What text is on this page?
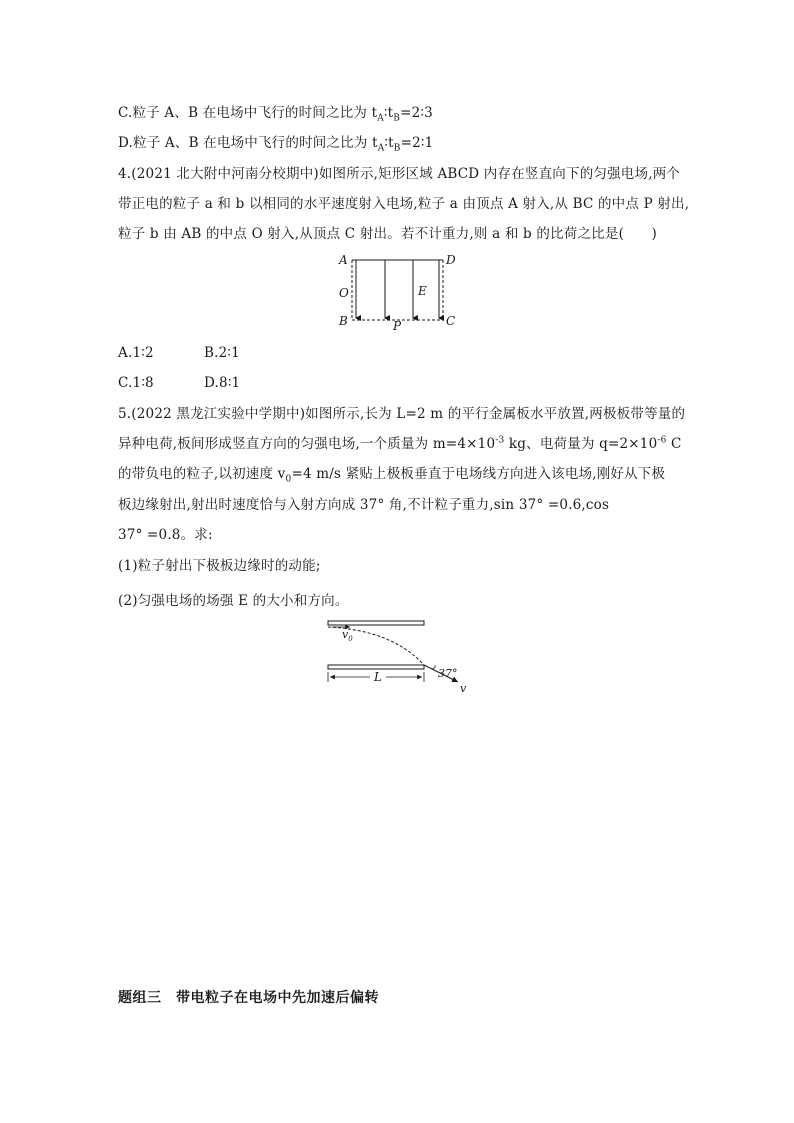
C.粒子 A、B 在电场中飞行的时间之比为 $t_A∶t_B=2∶3$
D.粒子 A、B 在电场中飞行的时间之比为 $t_A∶t_B=2∶1$
4.(2021 北大附中河南分校期中)如图所示,矩形区域 ABCD 内存在竖直向下的匀强电场,两个
带正电的粒子 a 和 b 以相同的水平速度射入电场,粒子 a 由顶点 A 射入,从 BC 的中点 P 射出,
粒子 b 由 AB 的中点 O 射入,从顶点 C 射出。若不计重力,则 a 和 b 的比荷之比是(　　)
A	D
O
B	C
P
E
A.1∶2	B.2∶1
C.1∶8	D.8∶1
5.(2022 黑龙江实验中学期中)如图所示,长为 L=2 m 的平行金属板水平放置,两极板带等量的
异种电荷,板间形成竖直方向的匀强电场,一个质量为 $m=4\times 10^{-3}$ kg、电荷量为 $q=2\times 10^{-6}$ C
的带负电的粒子,以初速度 $v_0=4$ m/s 紧贴上极板垂直于电场线方向进入该电场,刚好从下极
板边缘射出,射出时速度恰与入射方向成 37° 角,不计粒子重力,sin 37° =0.6,cos
37° =0.8。求:
(1)粒子射出下极板边缘时的动能;
(2)匀强电场的场强 E 的大小和方向。
$v_0$
37°
L
v
题组三　带电粒子在电场中先加速后偏转
